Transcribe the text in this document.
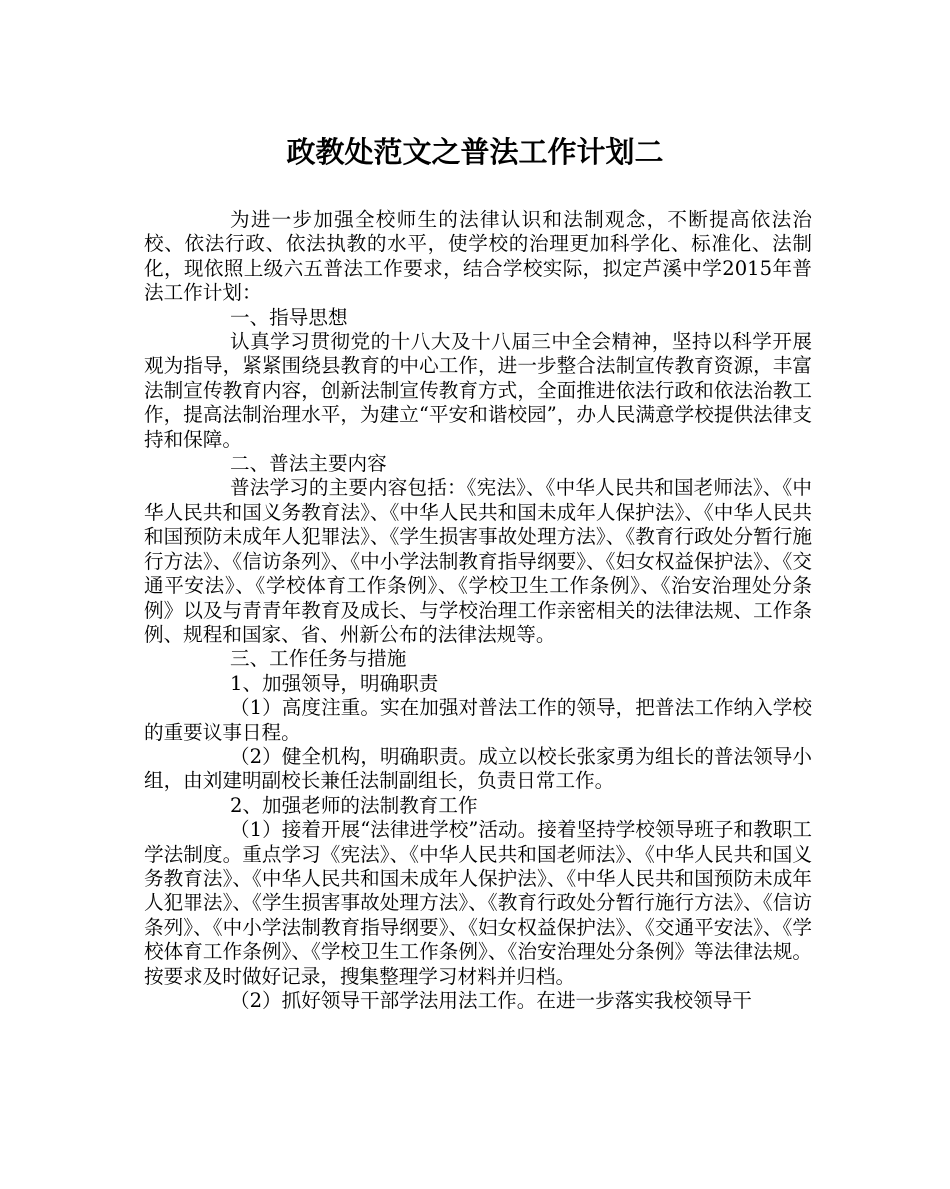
政教处范文之普法工作计划二

为进一步加强全校师生的法律认识和法制观念，不断提高依法治校、依法行政、依法执教的水平，使学校的治理更加科学化、标准化、法制化，现依照上级六五普法工作要求，结合学校实际，拟定芦溪中学2015年普法工作计划：

一、指导思想

认真学习贯彻党的十八大及十八届三中全会精神，坚持以科学开展观为指导，紧紧围绕县教育的中心工作，进一步整合法制宣传教育资源，丰富法制宣传教育内容，创新法制宣传教育方式，全面推进依法行政和依法治教工作，提高法制治理水平，为建立“平安和谐校园”，办人民满意学校提供法律支持和保障。

二、普法主要内容

普法学习的主要内容包括：《宪法》、《中华人民共和国老师法》、《中华人民共和国义务教育法》、《中华人民共和国未成年人保护法》、《中华人民共和国预防未成年人犯罪法》、《学生损害事故处理方法》、《教育行政处分暂行施行方法》、《信访条列》、《中小学法制教育指导纲要》、《妇女权益保护法》、《交通平安法》、《学校体育工作条例》、《学校卫生工作条例》、《治安治理处分条例》以及与青青年教育及成长、与学校治理工作亲密相关的法律法规、工作条例、规程和国家、省、州新公布的法律法规等。

三、工作任务与措施

1、加强领导，明确职责

（1）高度注重。实在加强对普法工作的领导，把普法工作纳入学校的重要议事日程。

（2）健全机构，明确职责。成立以校长张家勇为组长的普法领导小组，由刘建明副校长兼任法制副组长，负责日常工作。

2、加强老师的法制教育工作

（1）接着开展“法律进学校”活动。接着坚持学校领导班子和教职工学法制度。重点学习《宪法》、《中华人民共和国老师法》、《中华人民共和国义务教育法》、《中华人民共和国未成年人保护法》、《中华人民共和国预防未成年人犯罪法》、《学生损害事故处理方法》、《教育行政处分暂行施行方法》、《信访条列》、《中小学法制教育指导纲要》、《妇女权益保护法》、《交通平安法》、《学校体育工作条例》、《学校卫生工作条例》、《治安治理处分条例》等法律法规。按要求及时做好记录，搜集整理学习材料并归档。

（2）抓好领导干部学法用法工作。在进一步落实我校领导干
